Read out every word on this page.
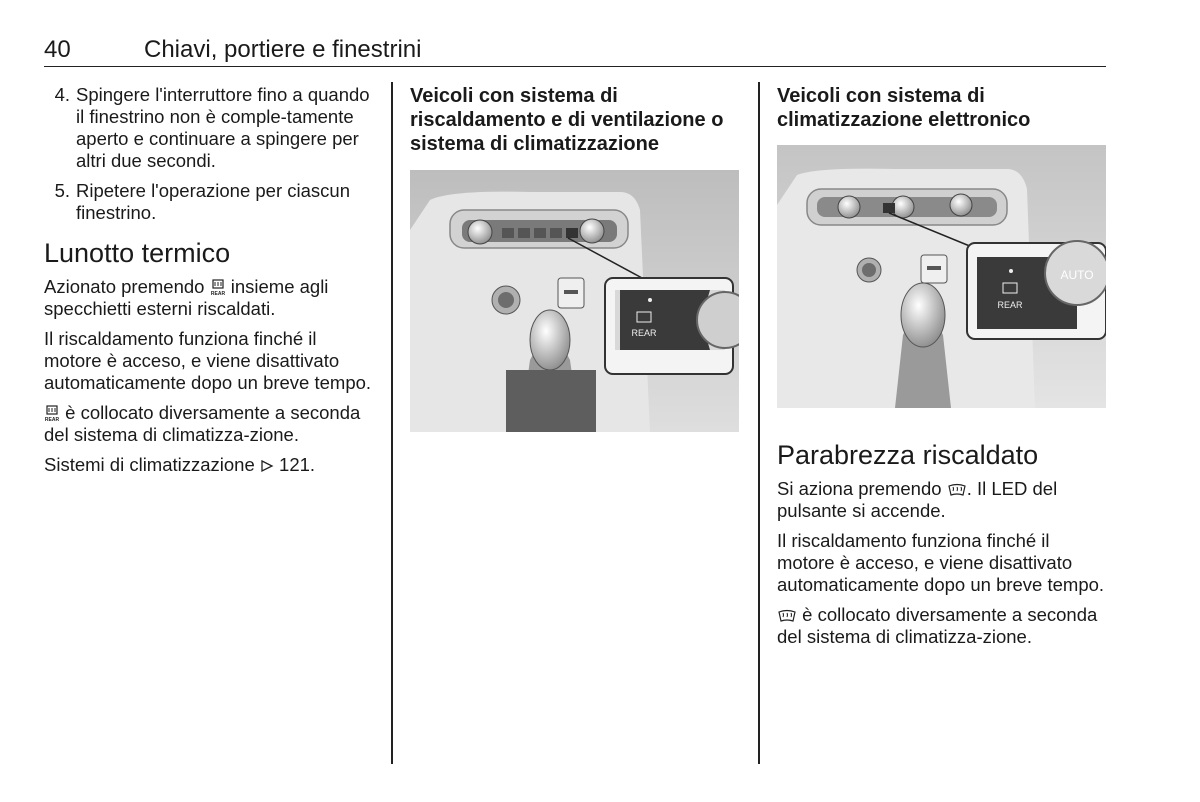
40	Chiavi, portiere e finestrini
4. Spingere l'interruttore fino a quando il finestrino non è comple-tamente aperto e continuare a spingere per altri due secondi.
5. Ripetere l'operazione per ciascun finestrino.
Lunotto termico

Azionato premendo REAR insieme agli specchietti esterni riscaldati.

Il riscaldamento funziona finché il motore è acceso, e viene disattivato automaticamente dopo un breve tempo.

REAR è collocato diversamente a seconda del sistema di climatizza-zione.

Sistemi di climatizzazione 121.

Veicoli con sistema di riscaldamento e di ventilazione o sistema di climatizzazione
REAR
Veicoli con sistema di climatizzazione elettronico
REAR
AUTO
Parabrezza riscaldato

Si aziona premendo . Il LED del pulsante si accende.

Il riscaldamento funziona finché il motore è acceso, e viene disattivato automaticamente dopo un breve tempo.

è collocato diversamente a seconda del sistema di climatizza-zione.
